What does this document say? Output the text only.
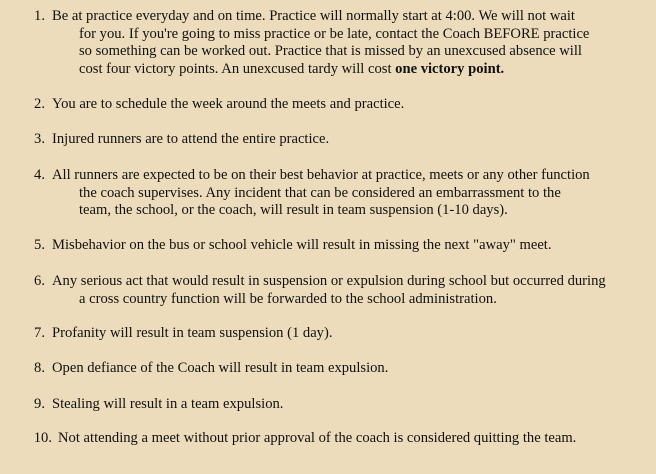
1. Be at practice everyday and on time. Practice will normally start at 4:00. We will not wait
for you. If you're going to miss practice or be late, contact the Coach BEFORE practice
so something can be worked out. Practice that is missed by an unexcused absence will
cost four victory points. An unexcused tardy will cost one victory point.
2. You are to schedule the week around the meets and practice.
3. Injured runners are to attend the entire practice.
4. All runners are expected to be on their best behavior at practice, meets or any other function
the coach supervises. Any incident that can be considered an embarrassment to the
team, the school, or the coach, will result in team suspension (1-10 days).
5. Misbehavior on the bus or school vehicle will result in missing the next "away" meet.
6. Any serious act that would result in suspension or expulsion during school but occurred during
a cross country function will be forwarded to the school administration.
7. Profanity will result in team suspension (1 day).
8. Open defiance of the Coach will result in team expulsion.
9. Stealing will result in a team expulsion.
10. Not attending a meet without prior approval of the coach is considered quitting the team.
